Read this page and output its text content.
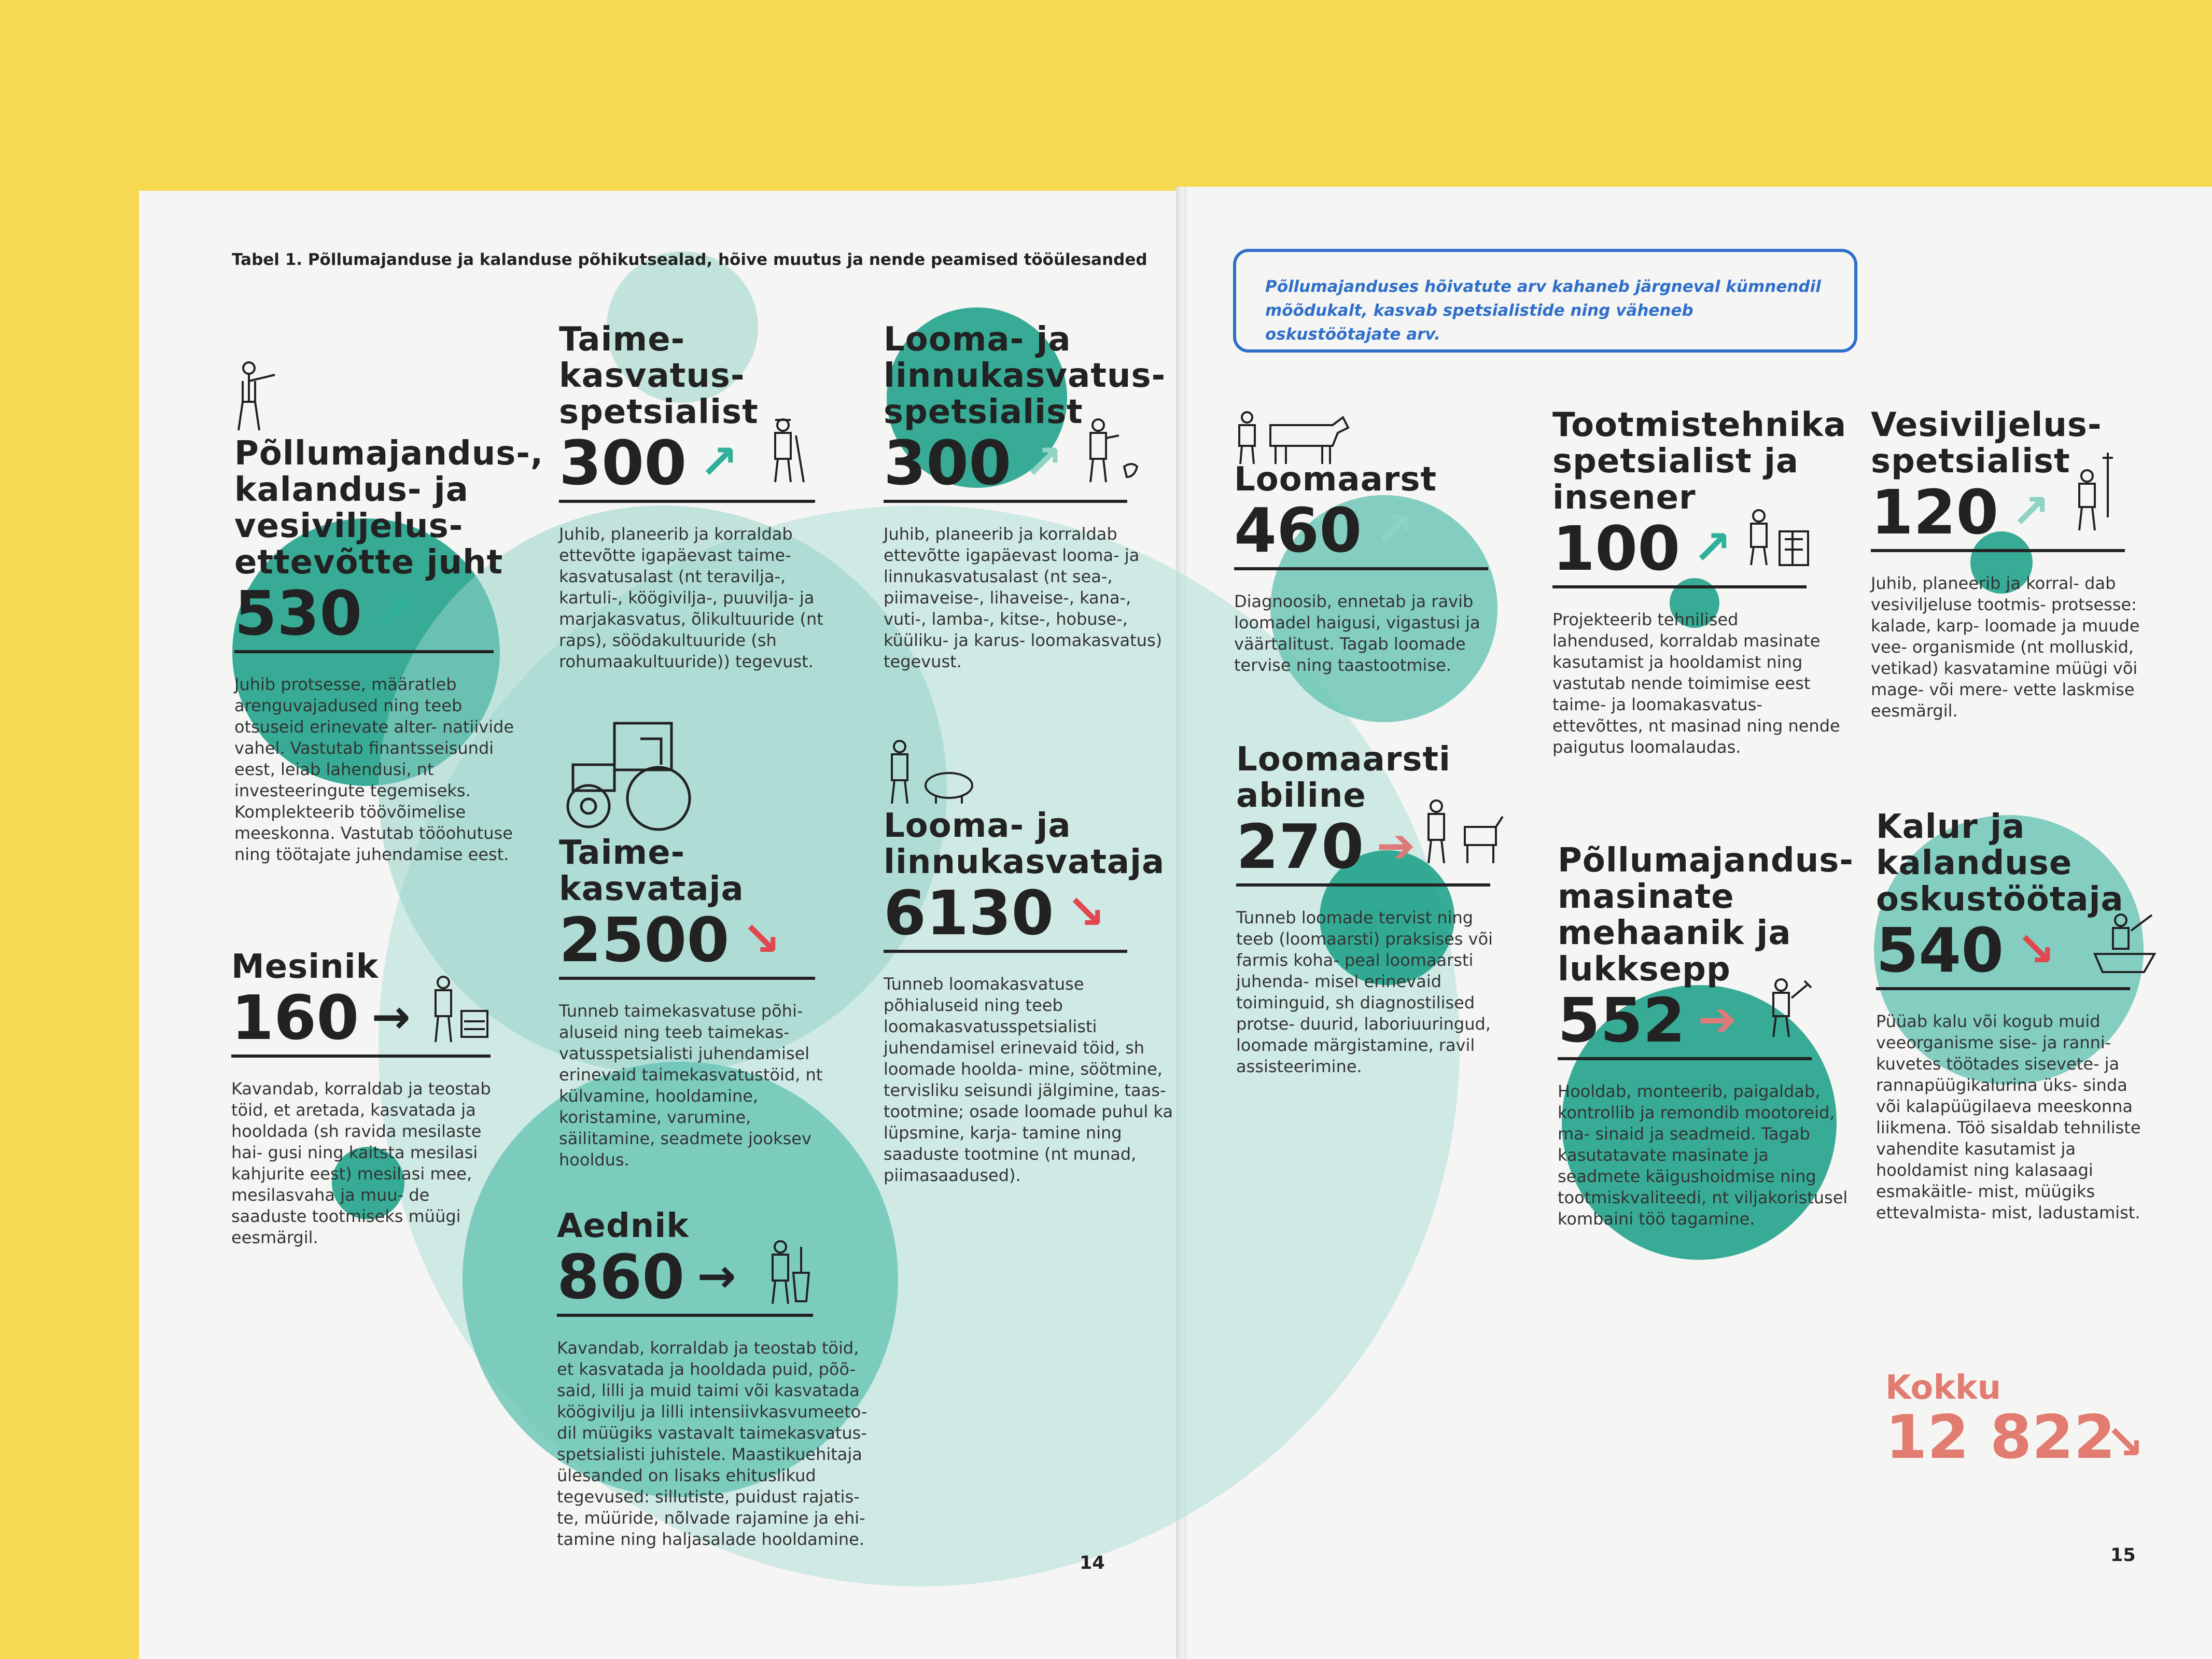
Tabel 1. Põllumajanduse ja kalanduse põhikutsealad, hõive muutus ja nende peamised tööülesanded
Põllumajanduses hõivatute arv kahaneb järgneval kümnendil mõõdukalt, kasvab spetsialistide ning väheneb oskustöötajate arv.
Põllumajandus-, kalandus- ja vesiviljelus- ettevõtte juht
530 ↗
Juhib protsesse, määratleb arenguvajadused ning teeb otsuseid erinevate alter- natiivide vahel. Vastutab finantsseisundi eest, leiab lahendusi, nt investeeringute tegemiseks. Komplekteerib töövõimelise meeskonna. Vastutab tööohutuse ning töötajate juhendamise eest.
Mesinik
160 →
Kavandab, korraldab ja teostab töid, et aretada, kasvatada ja hooldada (sh ravida mesilaste hai- gusi ning kaitsta mesilasi kahjurite eest) mesilasi mee, mesilasvaha ja muu- de saaduste tootmiseks müügi eesmärgil.
Taime- kasvatus- spetsialist
300 ↗
Juhib, planeerib ja korraldab ettevõtte igapäevast taime- kasvatusalast (nt teravilja-, kartuli-, köögivilja-, puuvilja- ja marjakasvatus, õlikultuuride (nt raps), söödakultuuride (sh rohumaakultuuride)) tegevust.
Taime- kasvataja
2500 ↘
Tunneb taimekasvatuse põhi- aluseid ning teeb taimekas- vatusspetsialisti juhendamisel erinevaid taimekasvatustöid, nt külvamine, hooldamine, koristamine, varumine, säilitamine, seadmete jooksev hooldus.
Aednik
860 →
Kavandab, korraldab ja teostab töid, et kasvatada ja hooldada puid, põõ- said, lilli ja muid taimi või kasvatada köögivilju ja lilli intensiivkasvumeeto- dil müügiks vastavalt taimekasvatus- spetsialisti juhistele. Maastikuehitaja ülesanded on lisaks ehituslikud tegevused: sillutiste, puidust rajatis- te, müüride, nõlvade rajamine ja ehi- tamine ning haljasalade hooldamine.
Looma- ja linnukasvatus- spetsialist
300 ↗
Juhib, planeerib ja korraldab ettevõtte igapäevast looma- ja linnukasvatusalast (nt sea-, piimaveise-, lihaveise-, kana-, vuti-, lamba-, kitse-, hobuse-, küüliku- ja karus- loomakasvatus) tegevust.
Looma- ja linnukasvataja
6130 ↘
Tunneb loomakasvatuse põhialuseid ning teeb loomakasvatusspetsialisti juhendamisel erinevaid töid, sh loomade hoolda- mine, söötmine, tervisliku seisundi jälgimine, taas- tootmine; osade loomade puhul ka lüpsmine, karja- tamine ning saaduste tootmine (nt munad, piimasaadused).
Loomaarst
460 ↗
Diagnoosib, ennetab ja ravib loomadel haigusi, vigastusi ja väärtalitust. Tagab loomade tervise ning taastootmise.
Loomaarsti abiline
270 ➔
Tunneb loomade tervist ning teeb (loomaarsti) praksises või farmis koha- peal loomaarsti juhenda- misel erinevaid toiminguid, sh diagnostilised protse- duurid, laboriuuringud, loomade märgistamine, ravil assisteerimine.
Tootmistehnika spetsialist ja insener
100 ↗
Projekteerib tehnilised lahendused, korraldab masinate kasutamist ja hooldamist ning vastutab nende toimimise eest taime- ja loomakasvatus- ettevõttes, nt masinad ning nende paigutus loomalaudas.
Põllumajandus- masinate mehaanik ja lukksepp
552 ➔
Hooldab, monteerib, paigaldab, kontrollib ja remondib mootoreid, ma- sinaid ja seadmeid. Tagab kasutatavate masinate ja seadmete käigushoidmise ning tootmiskvaliteedi, nt viljakoristusel kombaini töö tagamine.
Vesiviljelus- spetsialist
120 ↗
Juhib, planeerib ja korral- dab vesiviljeluse tootmis- protsesse: kalade, karp- loomade ja muude vee- organismide (nt molluskid, vetikad) kasvatamine müügi või mage- või mere- vette laskmise eesmärgil.
Kalur ja kalanduse oskustöötaja
540 ↘
Püüab kalu või kogub muid veeorganisme sise- ja ranni- kuvetes töötades sisevete- ja rannapüügikalurina üks- sinda või kalapüügilaeva meeskonna liikmena. Töö sisaldab tehniliste vahendite kasutamist ja hooldamist ning kalasaagi esmakäitle- mist, müügiks ettevalmista- mist, ladustamist.
Kokku
12 822
↘
14	15
